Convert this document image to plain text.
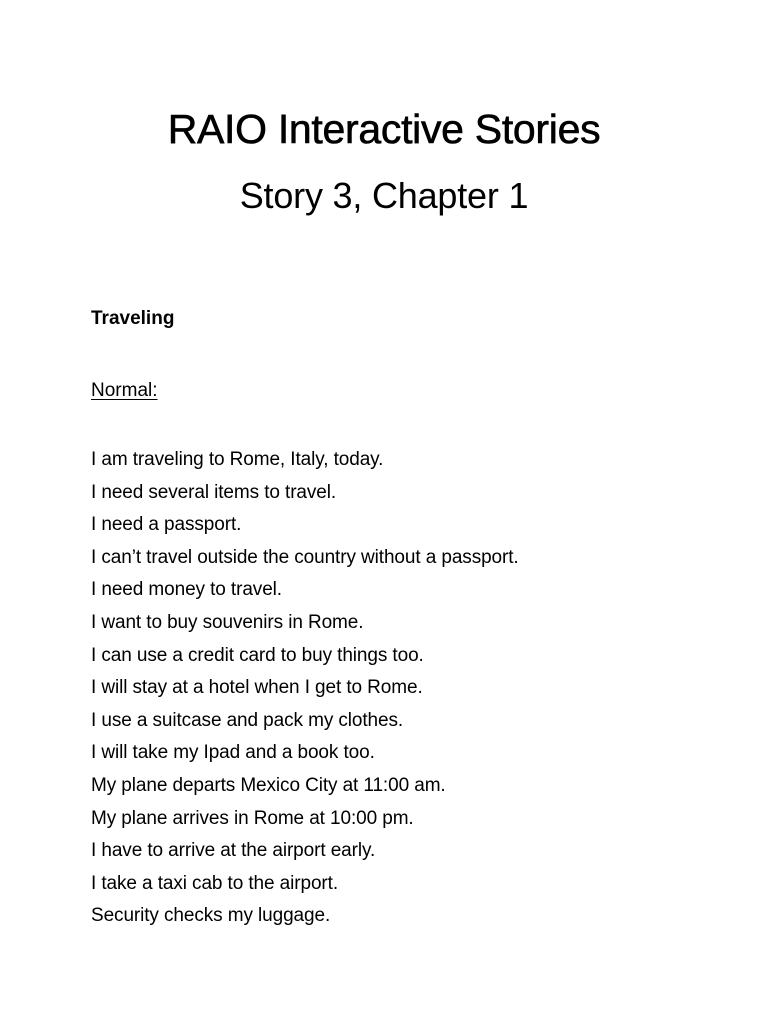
RAIO Interactive Stories
Story 3, Chapter 1

Traveling

Normal:

I am traveling to Rome, Italy, today.
I need several items to travel.
I need a passport.
I can’t travel outside the country without a passport.
I need money to travel.
I want to buy souvenirs in Rome.
I can use a credit card to buy things too.
I will stay at a hotel when I get to Rome.
I use a suitcase and pack my clothes.
I will take my Ipad and a book too.
My plane departs Mexico City at 11:00 am.
My plane arrives in Rome at 10:00 pm.
I have to arrive at the airport early.
I take a taxi cab to the airport.
Security checks my luggage.
